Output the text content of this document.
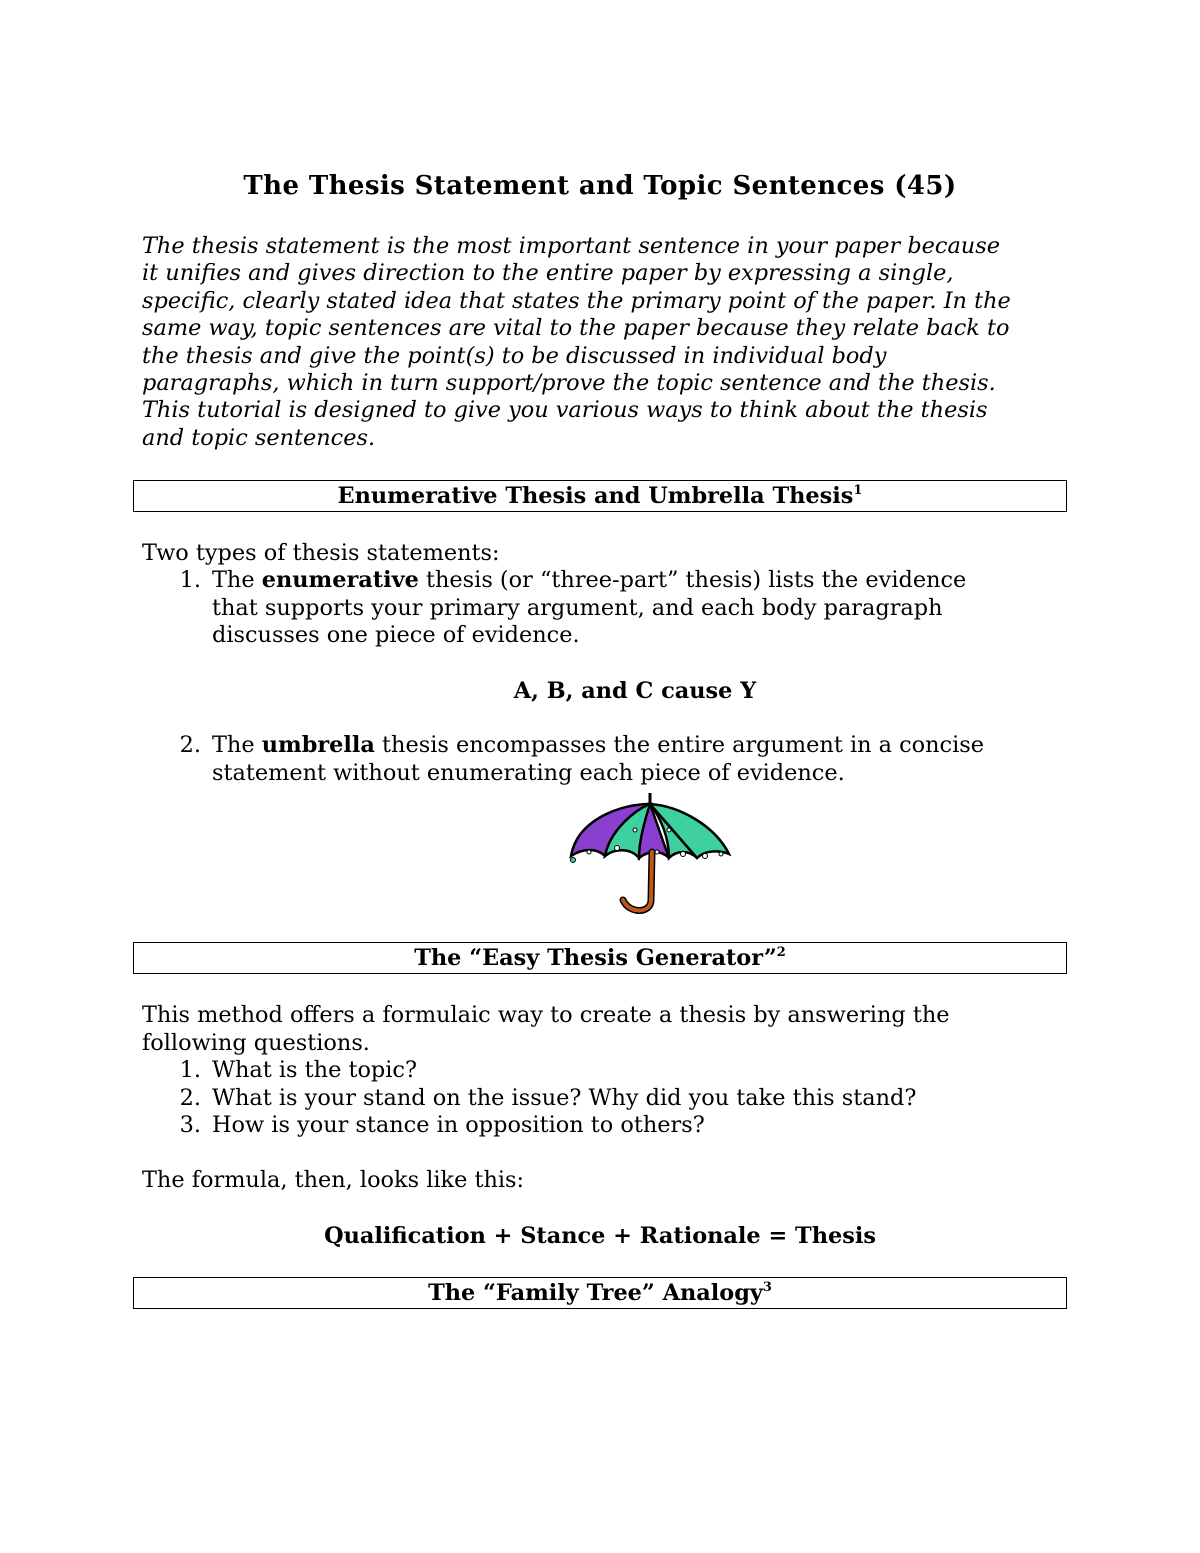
The Thesis Statement and Topic Sentences (45)

The thesis statement is the most important sentence in your paper because

it unifies and gives direction to the entire paper by expressing a single,

specific, clearly stated idea that states the primary point of the paper. In the

same way, topic sentences are vital to the paper because they relate back to

the thesis and give the point(s) to be discussed in individual body

paragraphs, which in turn support/prove the topic sentence and the thesis.

This tutorial is designed to give you various ways to think about the thesis

and topic sentences.

Enumerative Thesis and Umbrella Thesis$^1$
Two types of thesis statements:
1. The enumerative thesis (or “three-part” thesis) lists the evidence
that supports your primary argument, and each body paragraph
discusses one piece of evidence.
A, B, and C cause Y
2. The umbrella thesis encompasses the entire argument in a concise
statement without enumerating each piece of evidence.
The “Easy Thesis Generator”$^2$
This method offers a formulaic way to create a thesis by answering the
following questions.
1. What is the topic?
2. What is your stand on the issue? Why did you take this stand?
3. How is your stance in opposition to others?
The formula, then, looks like this:
Qualification + Stance + Rationale = Thesis
The “Family Tree” Analogy$^3$
